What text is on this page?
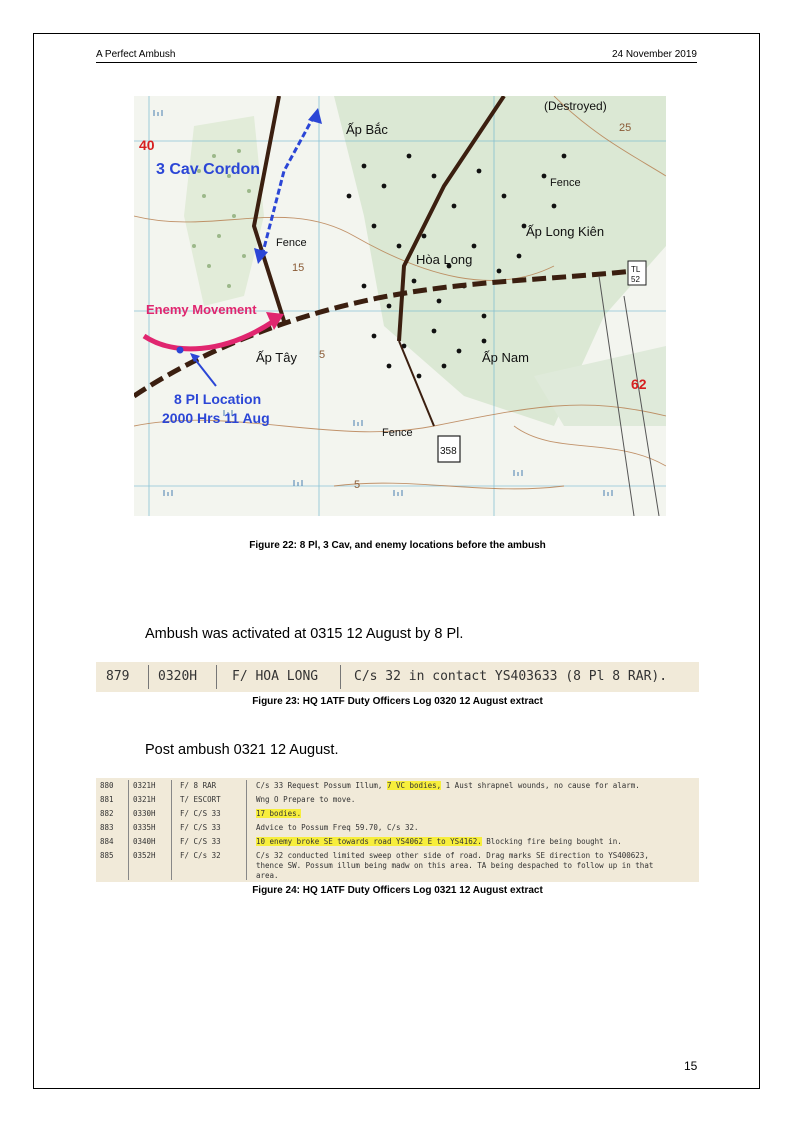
A Perfect Ambush	24 November 2019
40
62
3 Cav Cordon
Enemy Movement
8 Pl Location
2000 Hrs 11 Aug
Ấp Bắc
Ấp Long Kiên
Hòa Long
Ấp Tây	Ấp Nam
Fence
Fence
Fence
(Destroyed)
358
TL
52
5
5
15
25
Figure 22: 8 Pl, 3 Cav, and enemy locations before the ambush
Ambush was activated at 0315 12 August by 8 Pl.
879 0320H	F/ HOA LONG	C/s 32 in contact YS403633 (8 Pl 8 RAR).
Figure 23: HQ 1ATF Duty Officers Log 0320 12 August extract
Post ambush 0321 12 August.
880	0321H	F/ 8 RAR	C/s 33 Request Possum Illum, 7 VC bodies, 1 Aust shrapnel wounds, no cause for alarm.
881	0321H	T/ ESCORT	Wng O Prepare to move.
882	0330H	F/ C/S 33	17 bodies.
883	0335H	F/ C/S 33	Advice to Possum Freq 59.70, C/s 32.
884	0340H	F/ C/S 33	10 enemy broke SE towards road YS4062 E to YS4162. Blocking fire being bought in.
885	0352H	F/ C/s 32	C/s 32 conducted limited sweep other side of road. Drag marks SE direction to YS400623,
thence SW. Possum illum being madw on this area. TA being despached to follow up in that
area.
Figure 24: HQ 1ATF Duty Officers Log 0321 12 August extract
15
